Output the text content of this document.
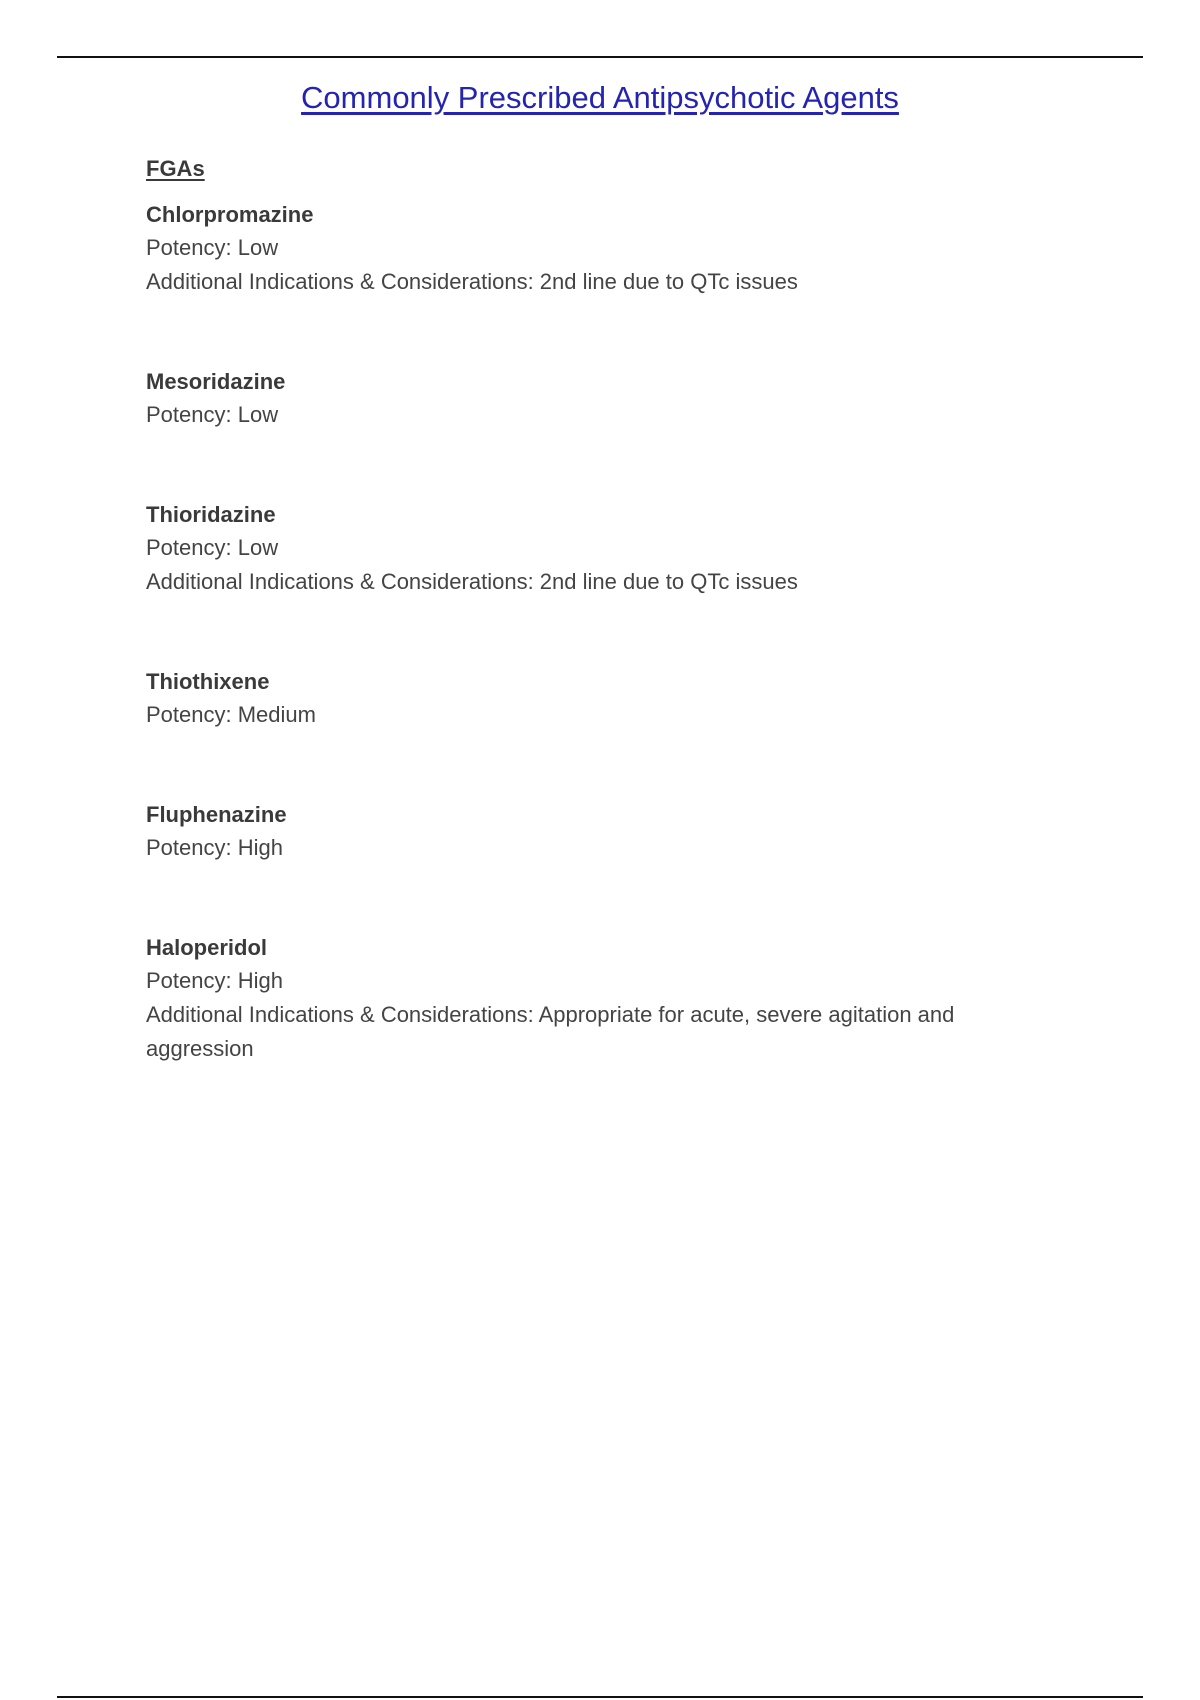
Commonly Prescribed Antipsychotic Agents
FGAs
Chlorpromazine
Potency: Low
Additional Indications & Considerations: 2nd line due to QTc issues
Mesoridazine
Potency: Low
Thioridazine
Potency: Low
Additional Indications & Considerations: 2nd line due to QTc issues
Thiothixene
Potency: Medium
Fluphenazine
Potency: High
Haloperidol
Potency: High
Additional Indications & Considerations: Appropriate for acute, severe agitation and aggression
